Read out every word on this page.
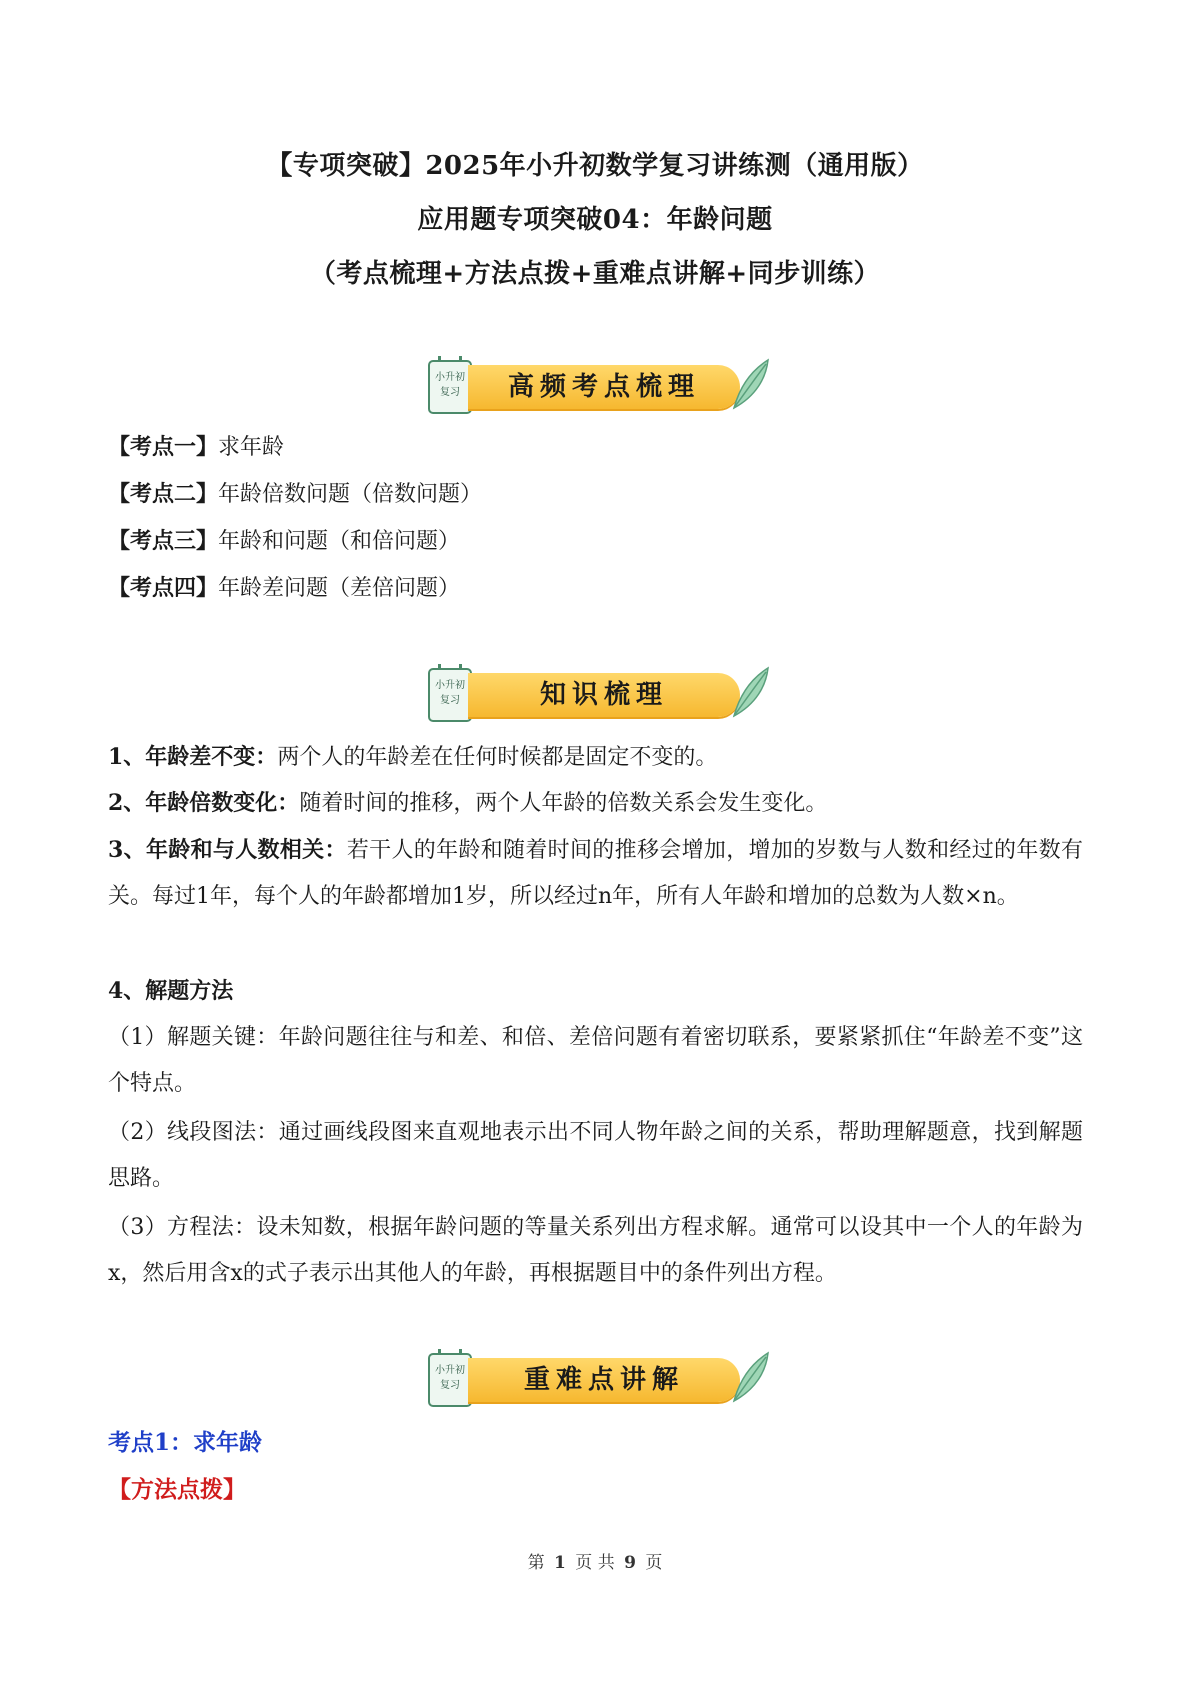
【专项突破】2025年小升初数学复习讲练测（通用版）
应用题专项突破04：年龄问题
（考点梳理+方法点拨+重难点讲解+同步训练）
小升初
复习	高频考点梳理
【考点一】求年龄
【考点二】年龄倍数问题（倍数问题）
【考点三】年龄和问题（和倍问题）
【考点四】年龄差问题（差倍问题）
小升初
复习	知识梳理
1、年龄差不变：两个人的年龄差在任何时候都是固定不变的。
2、年龄倍数变化：随着时间的推移，两个人年龄的倍数关系会发生变化。
3、年龄和与人数相关：若干人的年龄和随着时间的推移会增加，增加的岁数与人数和经过的年数有关。每过1年，每个人的年龄都增加1岁，所以经过n年，所有人年龄和增加的总数为人数×n。
4、解题方法
（1）解题关键：年龄问题往往与和差、和倍、差倍问题有着密切联系，要紧紧抓住“年龄差不变”这个特点。
（2）线段图法：通过画线段图来直观地表示出不同人物年龄之间的关系，帮助理解题意，找到解题思路。
（3）方程法：设未知数，根据年龄问题的等量关系列出方程求解。通常可以设其中一个人的年龄为x，然后用含x的式子表示出其他人的年龄，再根据题目中的条件列出方程。
小升初
复习	重难点讲解
考点1：求年龄
【方法点拨】
第 1 页 共 9 页
